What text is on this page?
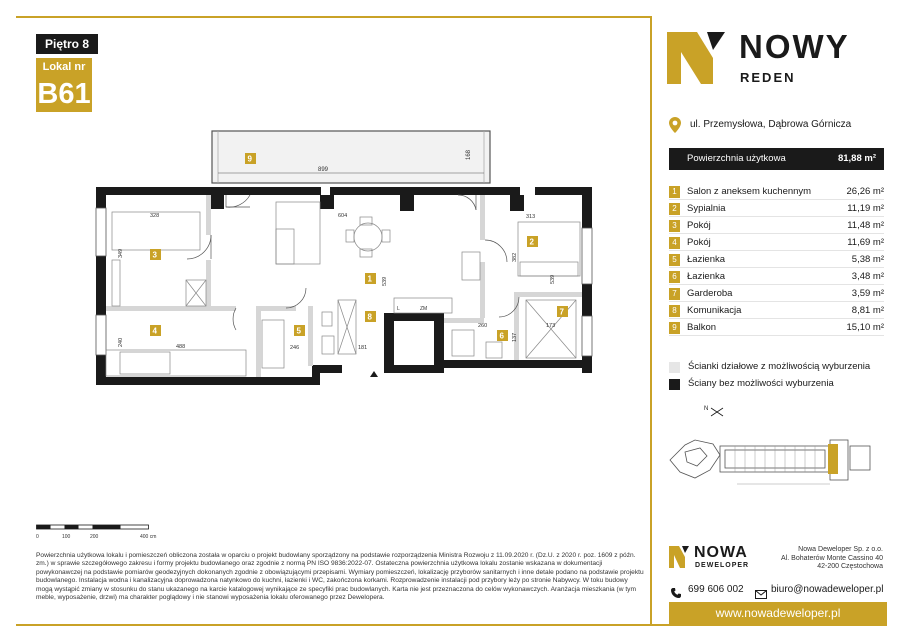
Piętro 8
Lokal nr
B61
NOWY
REDEN
ul. Przemysłowa, Dąbrowa Górnicza
Powierzchnia użytkowa	81,88 m²
1	Salon z aneksem kuchennym	26,26 m²
2	Sypialnia	11,19 m²
3	Pokój	11,48 m²
4	Pokój	11,69 m²
5	Łazienka	5,38 m²
6	Łazienka	3,48 m²
7	Garderoba	3,59 m²
8	Komunikacja	8,81 m²
9	Balkon	15,10 m²
Ścianki działowe z możliwością wyburzenia
Ściany bez możliwości wyburzenia
N
899
168
L	ZM
328
349
240	488	246	181
604
539
313
382
539
173
260
137
9
3
4
1
2
5
6
7
8
0	100	200	400 cm
Powierzchnia użytkowa lokalu i pomieszczeń obliczona została w oparciu o projekt budowlany sporządzony na podstawie rozporządzenia Ministra Rozwoju z 11.09.2020 r. (Dz.U. z 2020 r. poz. 1609 z późn. zm.) w sprawie szczegółowego zakresu i formy projektu budowlanego oraz zgodnie z normą PN ISO 9836:2022-07. Ostateczna powierzchnia użytkowa lokalu zostanie wskazana w dokumentacji powykonawczej na podstawie pomiarów geodezyjnych dokonanych zgodnie z obowiązującymi przepisami. Wymiary pomieszczeń, lokalizację przyborów sanitarnych i inne detale podano na podstawie projektu budowlanego. Instalacja wodna i kanalizacyjna doprowadzona natynkowo do kuchni, łazienki i WC, zakończona korkami. Rozprowadzenie instalacji pod przybory leży po stronie Nabywcy. W toku budowy mogą wystąpić zmiany w stosunku do stanu ukazanego na karcie katalogowej wynikające ze specyfiki prac budowlanych. Karta nie jest przeznaczona do celów wykonawczych. Aranżacja mieszkania (w tym meble, wyposażenie, drzwi) ma charakter poglądowy i nie stanowi wyposażenia lokalu oferowanego przez Dewelopera.
NOWA
DEWELOPER
Nowa Deweloper Sp. z o.o.
Al. Bohaterów Monte Cassino 40
42-200 Częstochowa
699 606 002	biuro@nowadeweloper.pl
www.nowadeweloper.pl
